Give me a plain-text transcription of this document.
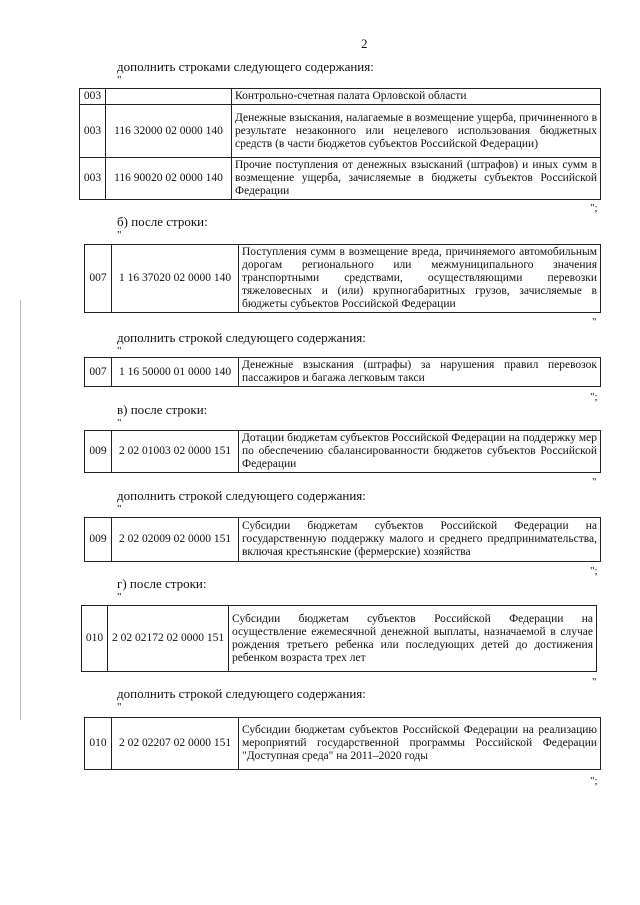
2
дополнить строками следующего содержания:
"
003		Контрольно-счетная палата Орловской области
003	116 32000 02 0000 140	Денежные взыскания, налагаемые в возмещение ущерба, причиненного в результате незаконного или нецелевого использования бюджетных средств (в части бюджетов субъектов Российской Федерации)
003	116 90020 02 0000 140	Прочие поступления от денежных взысканий (штрафов) и иных сумм в возмещение ущерба, зачисляемые в бюджеты субъектов Российской Федерации
";
б) после строки:
"
007	1 16 37020 02 0000 140	Поступления сумм в возмещение вреда, причиняемого автомобильным дорогам регионального или межмуниципального значения транспортными средствами, осуществляющими перевозки тяжеловесных и (или) крупногабаритных грузов, зачисляемые в бюджеты субъектов Российской Федерации
"
дополнить строкой следующего содержания:
"
007	1 16 50000 01 0000 140	Денежные взыскания (штрафы) за нарушения правил перевозок пассажиров и багажа легковым такси
";
в) после строки:
"
009	2 02 01003 02 0000 151	Дотации бюджетам субъектов Российской Федерации на поддержку мер по обеспечению сбалансированности бюджетов субъектов Российской Федерации
"
дополнить строкой следующего содержания:
"
009	2 02 02009 02 0000 151	Субсидии бюджетам субъектов Российской Федерации на государственную поддержку малого и среднего предпринимательства, включая крестьянские (фермерские) хозяйства
";
г) после строки:
"
010	2 02 02172 02 0000 151	Субсидии бюджетам субъектов Российской Федерации на осуществление ежемесячной денежной выплаты, назначаемой в случае рождения третьего ребенка или последующих детей до достижения ребенком возраста трех лет
"
дополнить строкой следующего содержания:
"
010	2 02 02207 02 0000 151	Субсидии бюджетам субъектов Российской Федерации на реализацию мероприятий государственной программы Российской Федерации "Доступная среда" на 2011–2020 годы
";
